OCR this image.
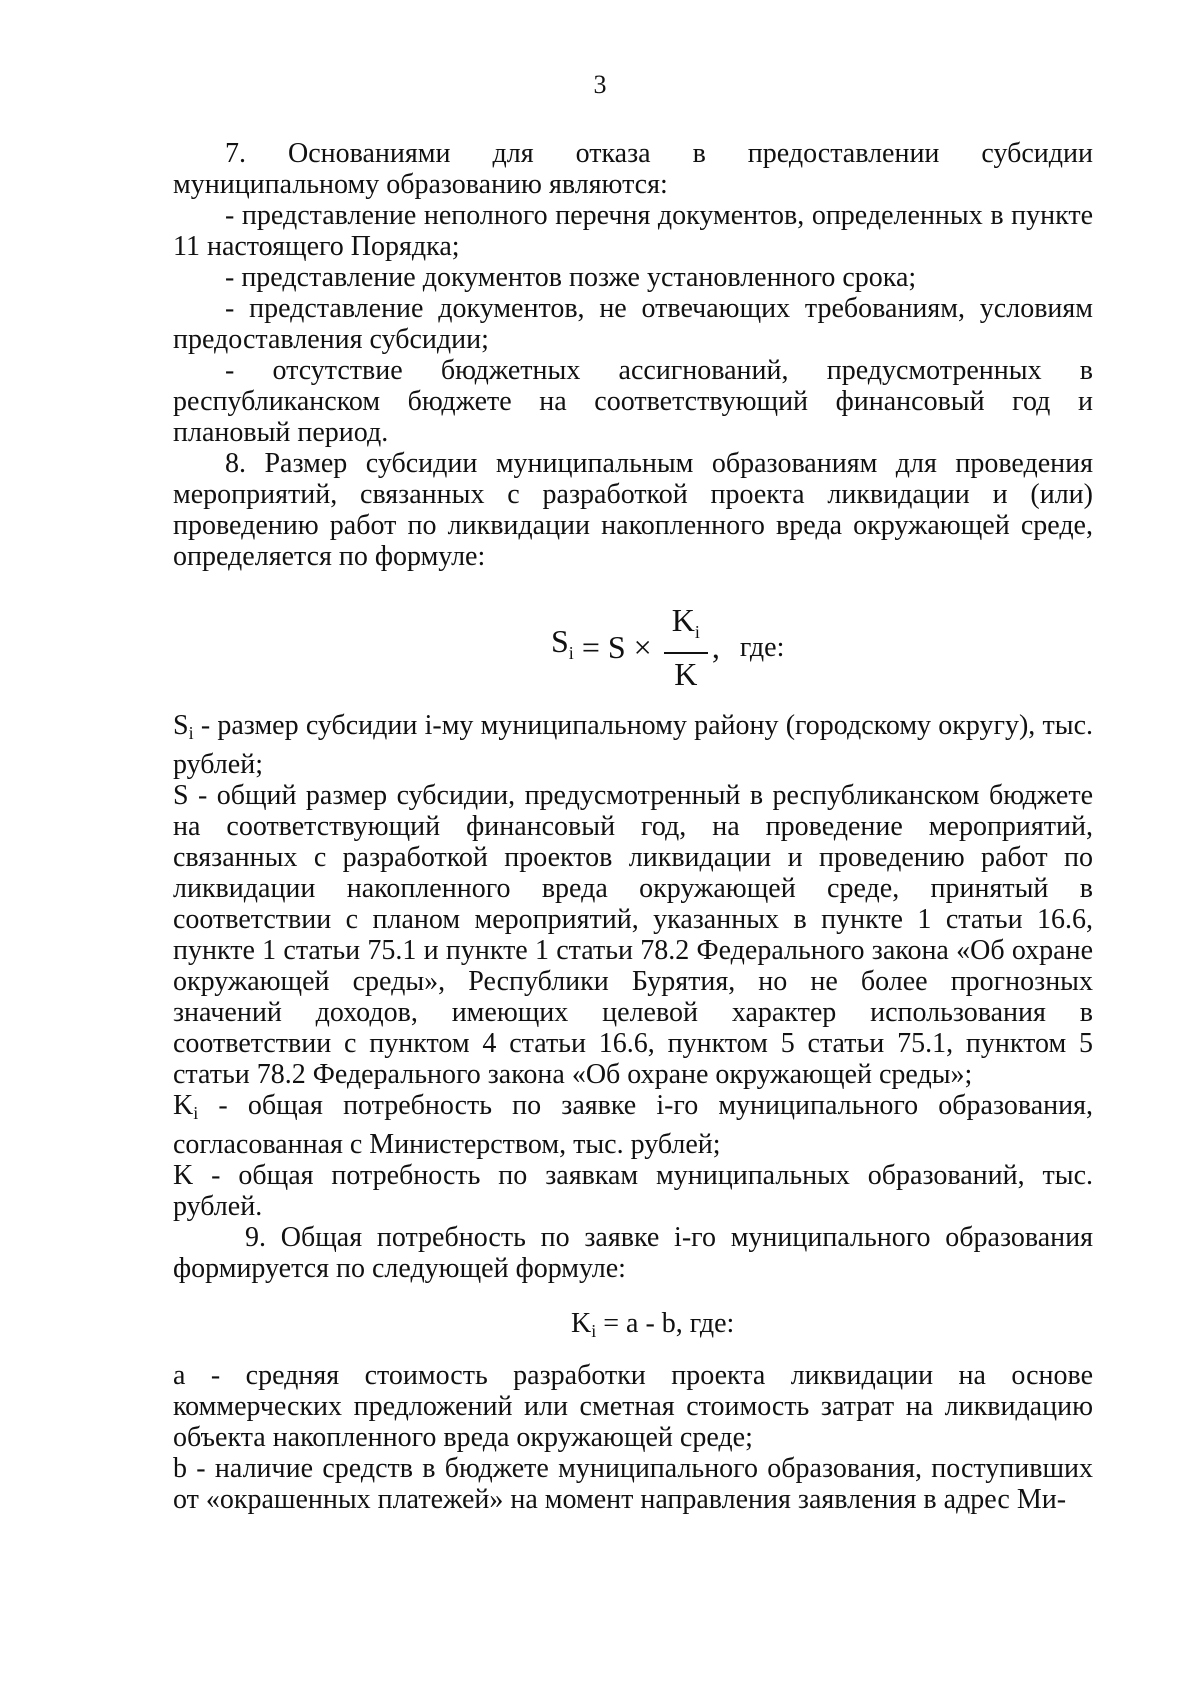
3

7. Основаниями для отказа в предоставлении субсидии муниципальному образованию являются:

- представление неполного перечня документов, определенных в пункте 11 настоящего Порядка;

- представление документов позже установленного срока;

- представление документов, не отвечающих требованиям, условиям предоставления субсидии;

- отсутствие бюджетных ассигнований, предусмотренных в республиканском бюджете на соответствующий финансовый год и плановый период.

8. Размер субсидии муниципальным образованиям для проведения мероприятий, связанных с разработкой проекта ликвидации и (или) проведению работ по ликвидации накопленного вреда окружающей среде, определяется по формуле:

$S_i = S \times \frac{K_i}{K}$ , где:

Si - размер субсидии i-му муниципальному району (городскому округу), тыс. рублей;

S - общий размер субсидии, предусмотренный в республиканском бюджете на соответствующий финансовый год, на проведение мероприятий, связанных с разработкой проектов ликвидации и проведению работ по ликвидации накопленного вреда окружающей среде, принятый в соответствии с планом мероприятий, указанных в пункте 1 статьи 16.6, пункте 1 статьи 75.1 и пункте 1 статьи 78.2 Федерального закона «Об охране окружающей среды», Республики Бурятия, но не более прогнозных значений доходов, имеющих целевой характер использования в соответствии с пунктом 4 статьи 16.6, пунктом 5 статьи 75.1, пунктом 5 статьи 78.2 Федерального закона «Об охране окружающей среды»;

Ki - общая потребность по заявке i-го муниципального образования, согласованная с Министерством, тыс. рублей;

K - общая потребность по заявкам муниципальных образований, тыс. рублей.

9. Общая потребность по заявке i-го муниципального образования формируется по следующей формуле:

Ki = a - b, где:

a - средняя стоимость разработки проекта ликвидации на основе коммерческих предложений или сметная стоимость затрат на ликвидацию объекта накопленного вреда окружающей среде;

b - наличие средств в бюджете муниципального образования, поступивших от «окрашенных платежей» на момент направления заявления в адрес Ми-
